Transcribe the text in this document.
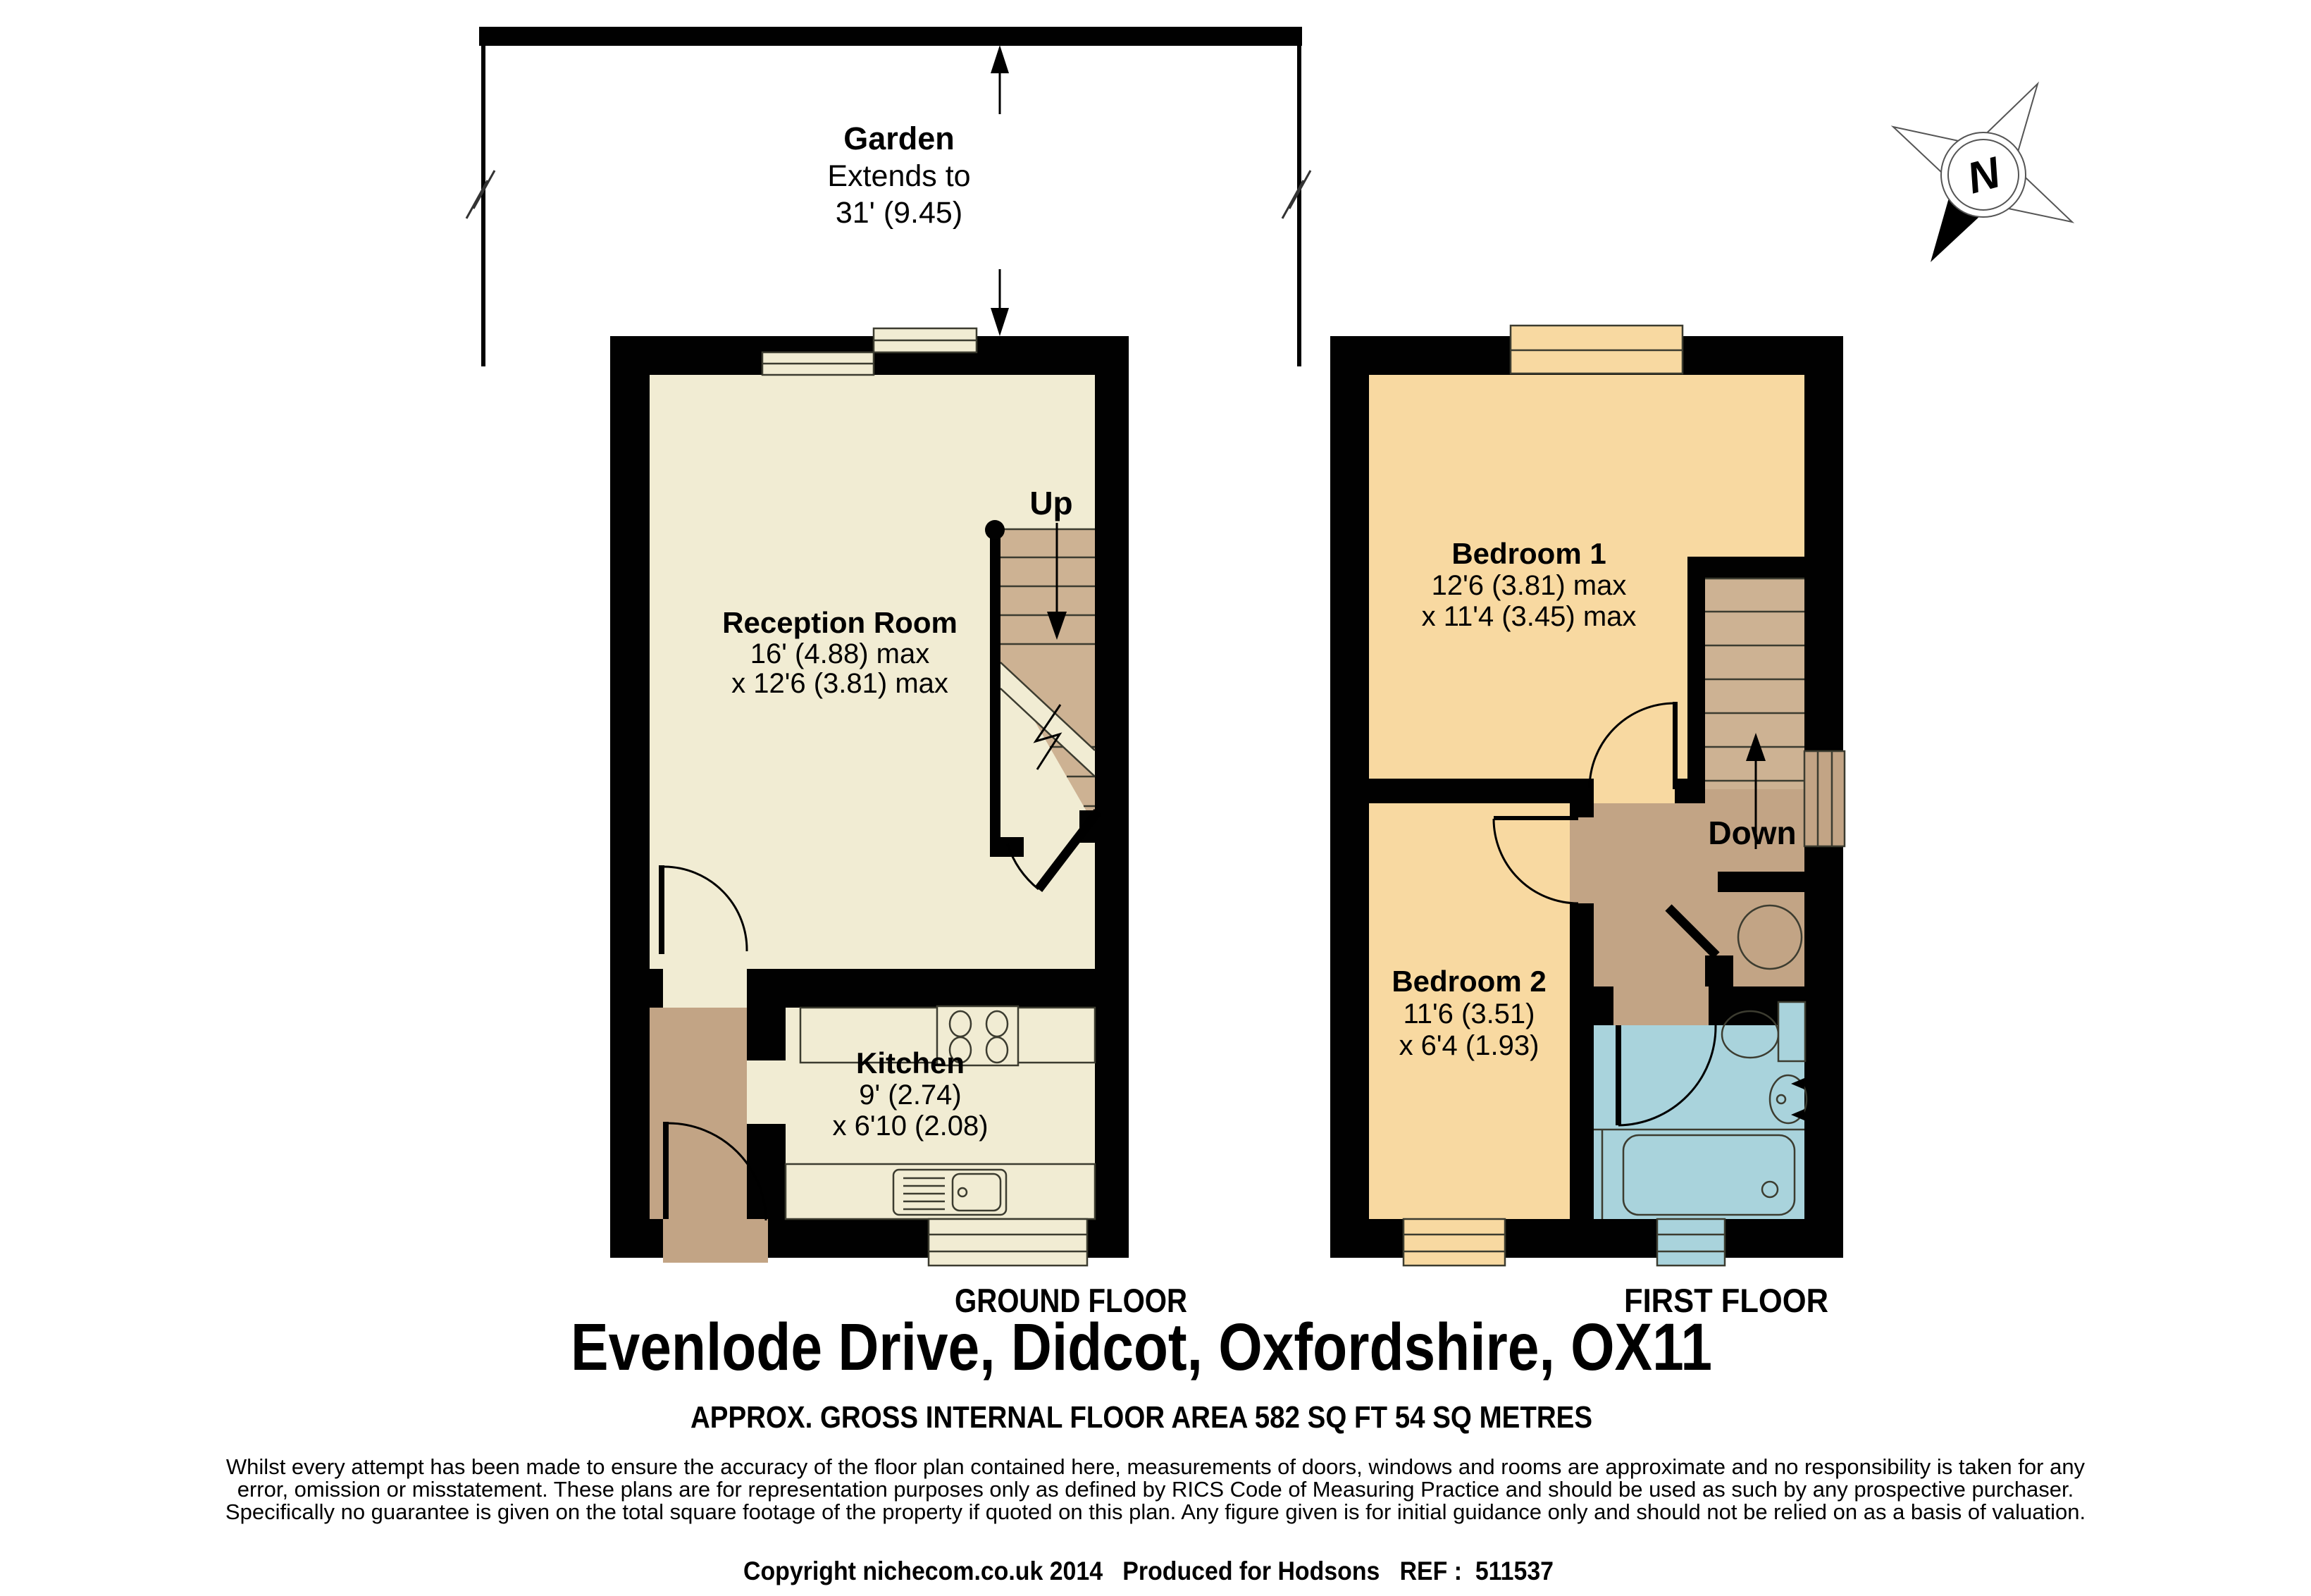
Garden
Extends to
31' (9.45)
Up
Reception Room
16' (4.88) max
x 12'6 (3.81) max
Kitchen
9' (2.74)
x 6'10 (2.08)
GROUND FLOOR
Down
Bedroom 1
12'6 (3.81) max
x 11'4 (3.45) max
Bedroom 2
11'6 (3.51)
x 6'4 (1.93)
FIRST FLOOR
N
Evenlode Drive, Didcot, Oxfordshire, OX11
APPROX. GROSS INTERNAL FLOOR AREA 582 SQ FT 54 SQ METRES
Whilst every attempt has been made to ensure the accuracy of the floor plan contained here, measurements of doors, windows and rooms are approximate and no responsibility is taken for any
error, omission or misstatement. These plans are for representation purposes only as defined by RICS Code of Measuring Practice and should be used as such by any prospective purchaser.
Specifically no guarantee is given on the total square footage of the property if quoted on this plan. Any figure given is for initial guidance only and should not be relied on as a basis of valuation.
Copyright nichecom.co.uk 2014   Produced for Hodsons   REF :  511537
